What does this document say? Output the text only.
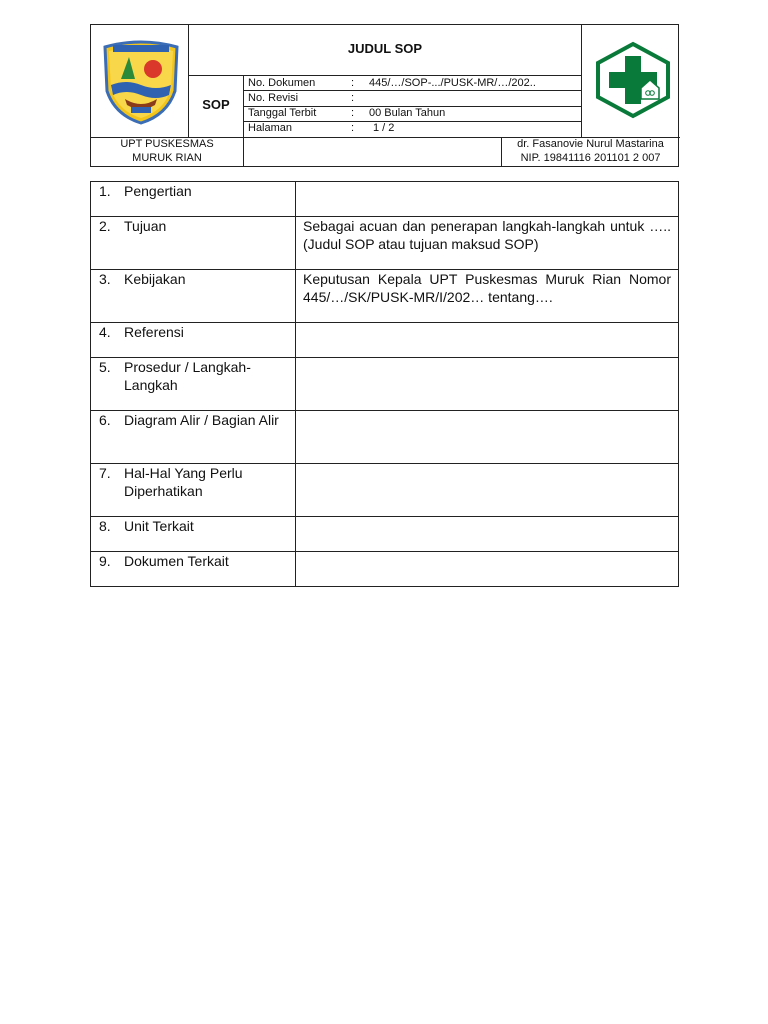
JUDUL SOP
SOP
No. Dokumen	: 445/…/SOP-.../PUSK-MR/…/202..
No. Revisi	:
Tanggal Terbit	: 00 Bulan Tahun
Halaman	: 1 / 2
UPT PUSKESMAS
MURUK RIAN
dr. Fasanovie Nurul Mastarina
NIP. 19841116 201101 2 007
1. Pengertian	

2. Tujuan	Sebagai acuan dan penerapan langkah-langkah untuk ….. (Judul SOP atau tujuan maksud SOP)

3. Kebijakan	Keputusan Kepala UPT Puskesmas Muruk Rian Nomor 445/…/SK/PUSK-MR/I/202… tentang….

4. Referensi	

5. Prosedur / Langkah-Langkah	

6. Diagram Alir / Bagian Alir	

7. Hal-Hal Yang Perlu Diperhatikan	

8. Unit Terkait	

9. Dokumen Terkait	
